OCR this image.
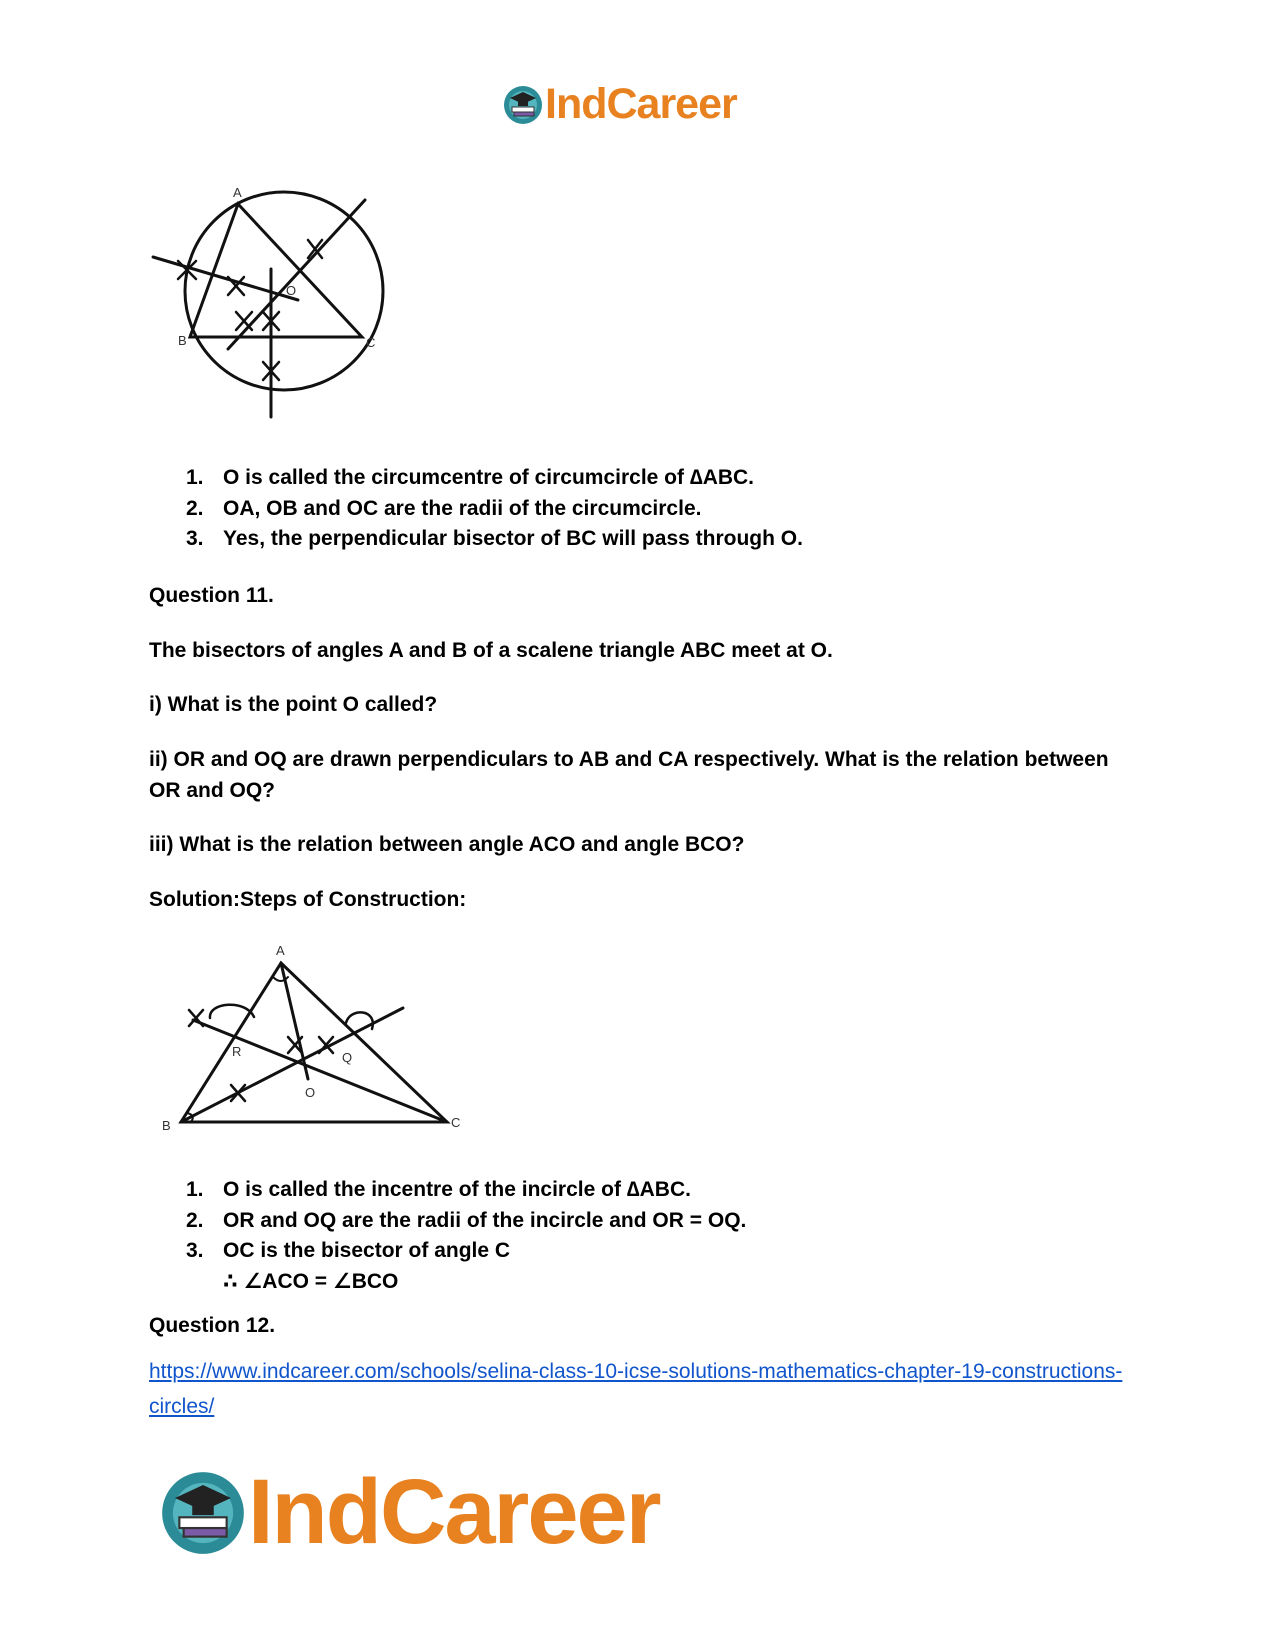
IndCareer
A
B	C
O
1. O is called the circumcentre of circumcircle of ∆ABC.
2. OA, OB and OC are the radii of the circumcircle.
3. Yes, the perpendicular bisector of BC will pass through O.

Question 11.

The bisectors of angles A and B of a scalene triangle ABC meet at O.

i) What is the point O called?

ii) OR and OQ are drawn perpendiculars to AB and CA respectively. What is the relation between OR and OQ?

iii) What is the relation between angle ACO and angle BCO?

Solution:Steps of Construction:

A
B	C
R	Q
O
1. O is called the incentre of the incircle of ∆ABC.
2. OR and OQ are the radii of the incircle and OR = OQ.
3. OC is the bisector of angle C
∴ ∠ACO = ∠BCO

Question 12.

https://www.indcareer.com/schools/selina-class-10-icse-solutions-mathematics-chapter-19-constructions-circles/
IndCareer
